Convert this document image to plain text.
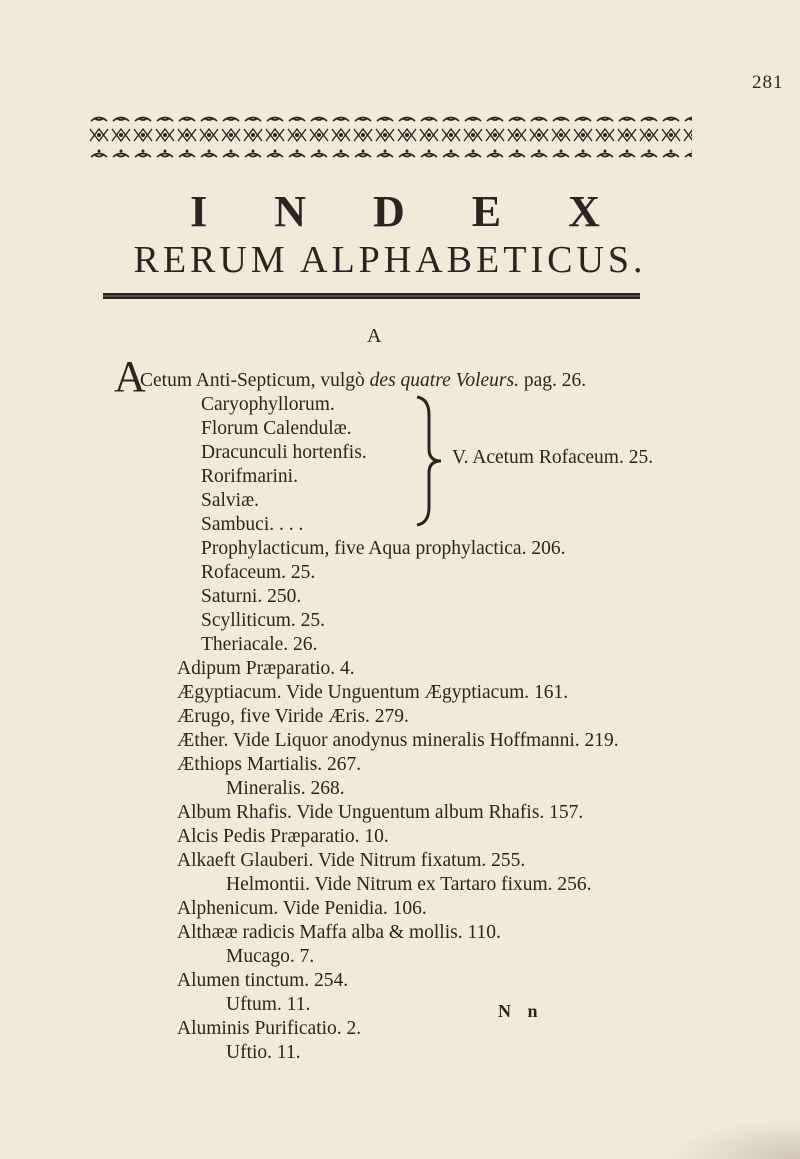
281
I N D E X
RERUM ALPHABETICUS.
A
A
Cetum Anti-Septicum, vulgò des quatre Voleurs. pag. 26.
Caryophyllorum.
Florum Calendulæ.
Dracunculi hortenfis.
Rorifmarini.
Salviæ.
Sambuci. . . .
V. Acetum Rofaceum. 25.
Prophylacticum, five Aqua prophylactica. 206.
Rofaceum. 25.
Saturni. 250.
Scylliticum. 25.
Theriacale. 26.
Adipum Præparatio. 4.
Ægyptiacum. Vide Unguentum Ægyptiacum. 161.
Ærugo, five Viride Æris. 279.
Æther. Vide Liquor anodynus mineralis Hoffmanni. 219.
Æthiops Martialis. 267.
Mineralis. 268.
Album Rhafis. Vide Unguentum album Rhafis. 157.
Alcis Pedis Præparatio. 10.
Alkaeft Glauberi. Vide Nitrum fixatum. 255.
Helmontii. Vide Nitrum ex Tartaro fixum. 256.
Alphenicum. Vide Penidia. 106.
Althææ radicis Maffa alba & mollis. 110.
Mucago. 7.
Alumen tinctum. 254.
Uftum. 11.
Aluminis Purificatio. 2.
Uftio. 11.
N n
